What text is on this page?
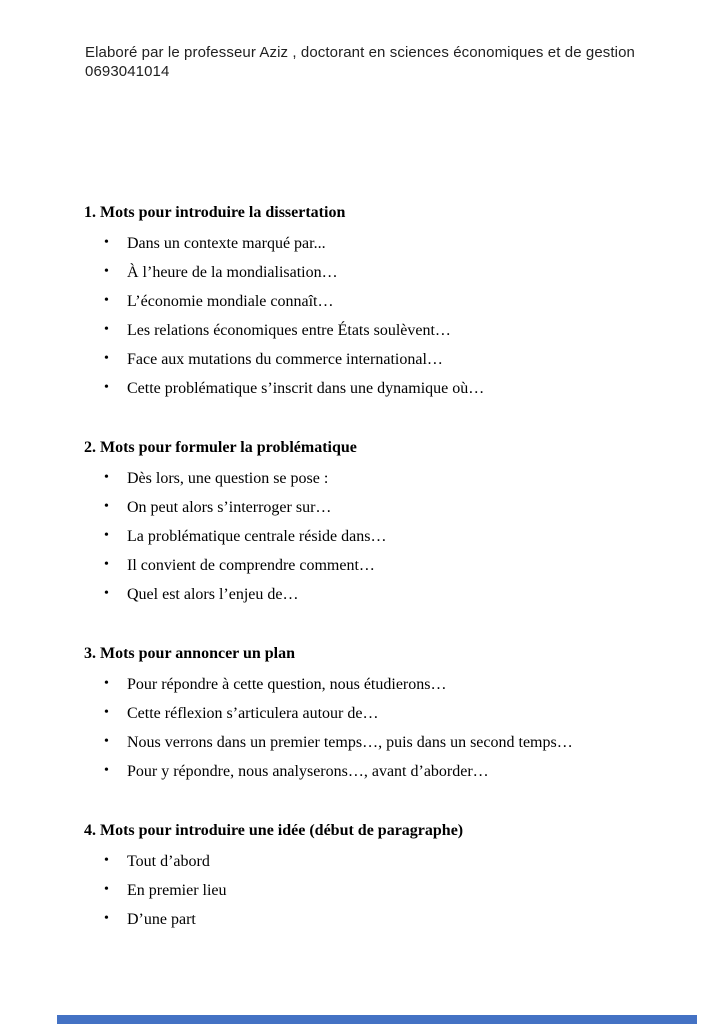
Elaboré par le professeur Aziz , doctorant en sciences économiques et de gestion
0693041014
1. Mots pour introduire la dissertation
• Dans un contexte marqué par...
• À l’heure de la mondialisation…
• L’économie mondiale connaît…
• Les relations économiques entre États soulèvent…
• Face aux mutations du commerce international…
• Cette problématique s’inscrit dans une dynamique où…
2. Mots pour formuler la problématique
• Dès lors, une question se pose :
• On peut alors s’interroger sur…
• La problématique centrale réside dans…
• Il convient de comprendre comment…
• Quel est alors l’enjeu de…
3. Mots pour annoncer un plan
• Pour répondre à cette question, nous étudierons…
• Cette réflexion s’articulera autour de…
• Nous verrons dans un premier temps…, puis dans un second temps…
• Pour y répondre, nous analyserons…, avant d’aborder…
4. Mots pour introduire une idée (début de paragraphe)
• Tout d’abord
• En premier lieu
• D’une part
